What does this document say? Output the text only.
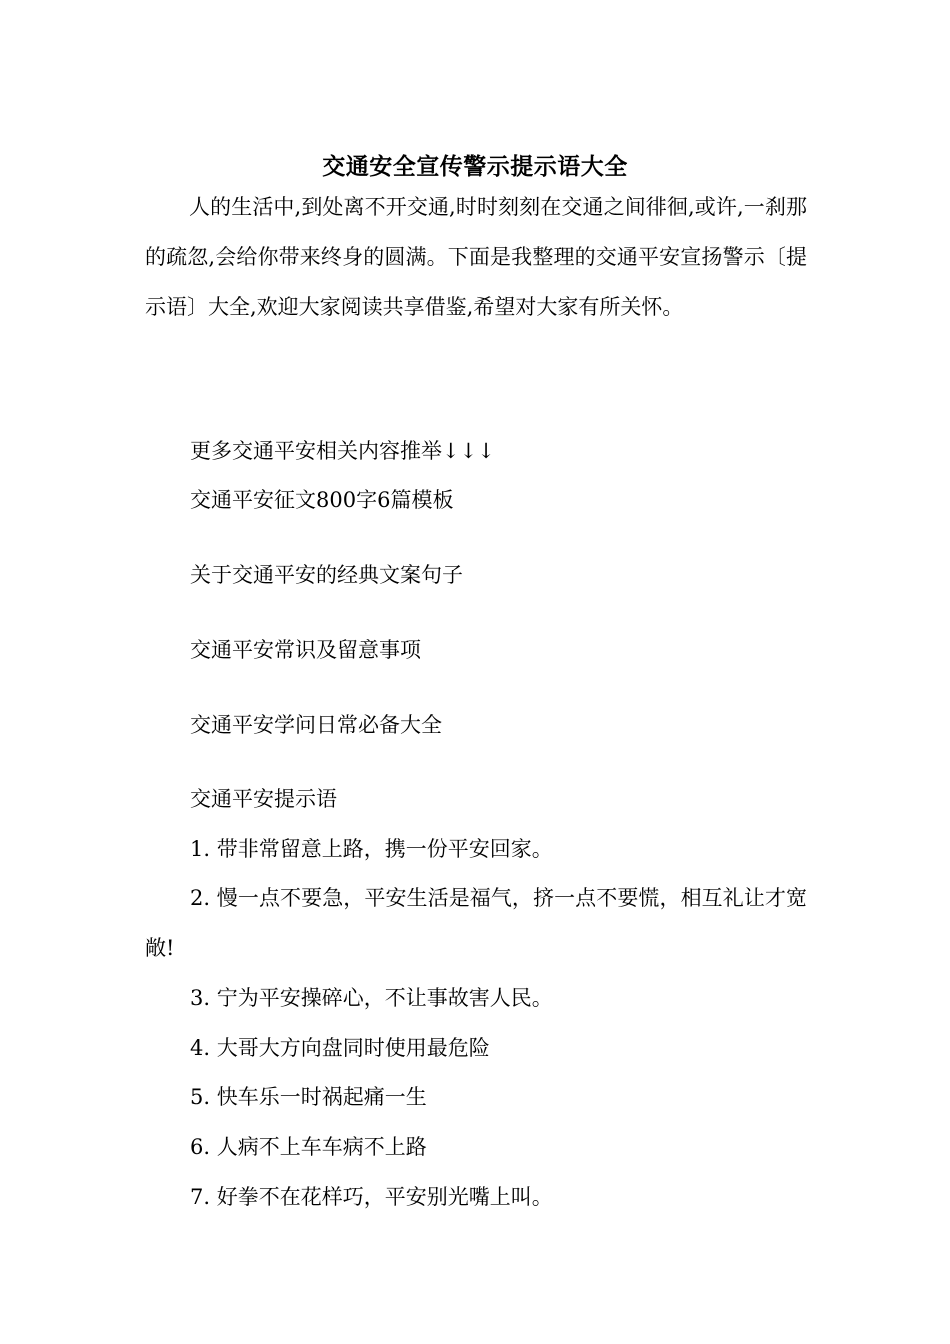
交通安全宣传警示提示语大全

人的生活中,到处离不开交通,时时刻刻在交通之间徘徊,或许,一刹那的疏忽,会给你带来终身的圆满。下面是我整理的交通平安宣扬警示〔提示语〕大全,欢迎大家阅读共享借鉴,希望对大家有所关怀。

更多交通平安相关内容推举↓↓↓

交通平安征文800字6篇模板

关于交通平安的经典文案句子

交通平安常识及留意事项

交通平安学问日常必备大全

交通平安提示语

1. 带非常留意上路，携一份平安回家。

2. 慢一点不要急，平安生活是福气，挤一点不要慌，相互礼让才宽敞!

3. 宁为平安操碎心，不让事故害人民。

4. 大哥大方向盘同时使用最危险

5. 快车乐一时祸起痛一生

6. 人病不上车车病不上路

7. 好拳不在花样巧，平安别光嘴上叫。
